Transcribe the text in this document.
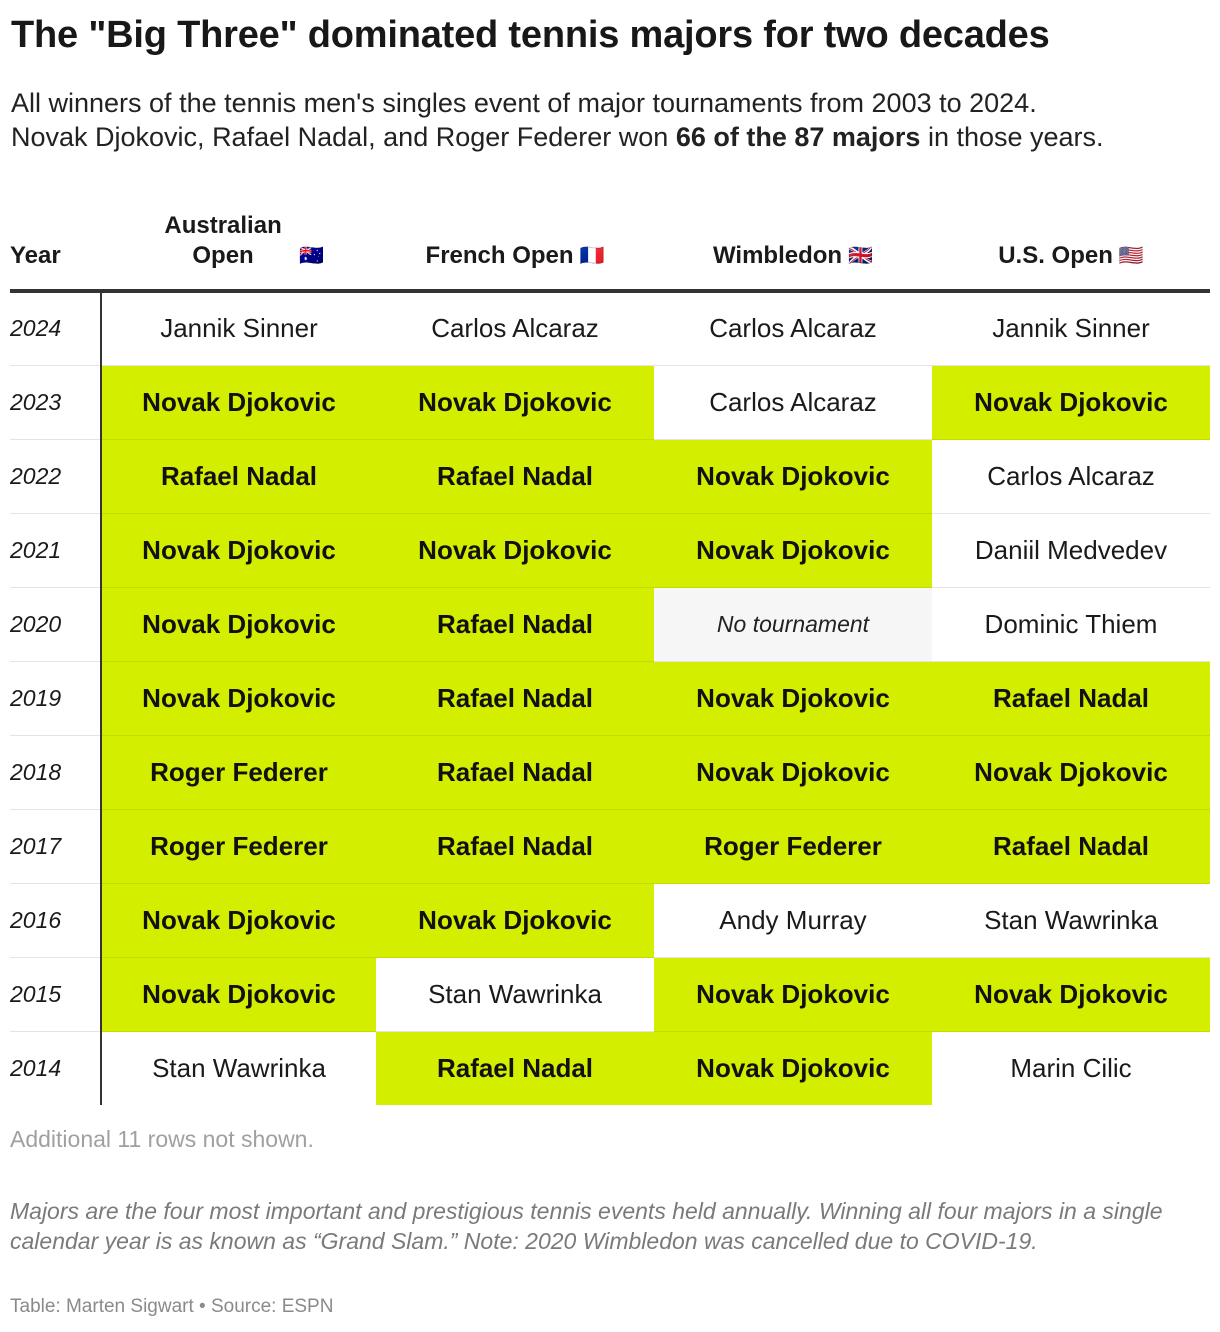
The "Big Three" dominated tennis majors for two decades
All winners of the tennis men's singles event of major tournaments from 2003 to 2024.
Novak Djokovic, Rafael Nadal, and Roger Federer won 66 of the 87 majors in those years.
Year	Australian Open 🇦🇺	French Open 🇫🇷	Wimbledon 🇬🇧	U.S. Open 🇺🇸
2024	Jannik Sinner	Carlos Alcaraz	Carlos Alcaraz	Jannik Sinner
2023	Novak Djokovic	Novak Djokovic	Carlos Alcaraz	Novak Djokovic
2022	Rafael Nadal	Rafael Nadal	Novak Djokovic	Carlos Alcaraz
2021	Novak Djokovic	Novak Djokovic	Novak Djokovic	Daniil Medvedev
2020	Novak Djokovic	Rafael Nadal	No tournament	Dominic Thiem
2019	Novak Djokovic	Rafael Nadal	Novak Djokovic	Rafael Nadal
2018	Roger Federer	Rafael Nadal	Novak Djokovic	Novak Djokovic
2017	Roger Federer	Rafael Nadal	Roger Federer	Rafael Nadal
2016	Novak Djokovic	Novak Djokovic	Andy Murray	Stan Wawrinka
2015	Novak Djokovic	Stan Wawrinka	Novak Djokovic	Novak Djokovic
2014	Stan Wawrinka	Rafael Nadal	Novak Djokovic	Marin Cilic
Additional 11 rows not shown.
Majors are the four most important and prestigious tennis events held annually. Winning all four majors in a single calendar year is as known as “Grand Slam.” Note: 2020 Wimbledon was cancelled due to COVID-19.
Table: Marten Sigwart • Source: ESPN
